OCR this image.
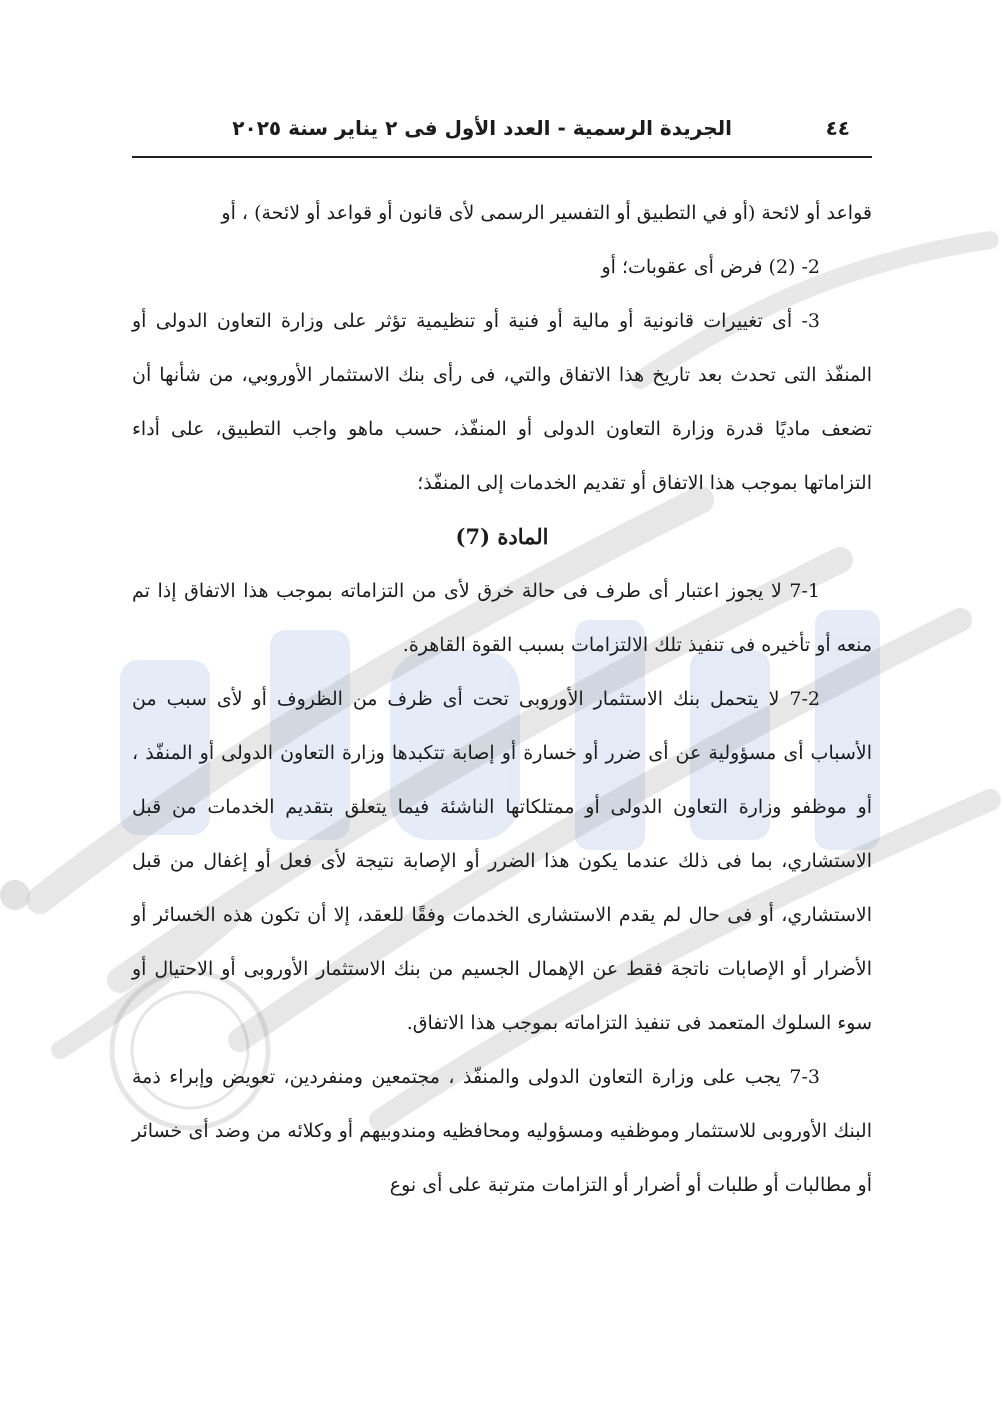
الجريدة الرسمية - العدد الأول فى ٢ يناير سنة ٢٠٢٥	٤٤

قواعد أو لائحة (أو في التطبيق أو التفسير الرسمى لأى قانون أو قواعد أو لائحة) ، أو

2- (2) فرض أى عقوبات؛ أو

3- أى تغييرات قانونية أو مالية أو فنية أو تنظيمية تؤثر على وزارة التعاون الدولى أو المنفّذ التى تحدث بعد تاريخ هذا الاتفاق والتي، فى رأى بنك الاستثمار الأوروبي، من شأنها أن تضعف ماديًا قدرة وزارة التعاون الدولى أو المنفّذ، حسب ماهو واجب التطبيق، على أداء التزاماتها بموجب هذا الاتفاق أو تقديم الخدمات إلى المنفّذ؛

المادة (7)

7-1 لا يجوز اعتبار أى طرف فى حالة خرق لأى من التزاماته بموجب هذا الاتفاق إذا تم منعه أو تأخيره فى تنفيذ تلك الالتزامات بسبب القوة القاهرة.

7-2 لا يتحمل بنك الاستثمار الأوروبى تحت أى ظرف من الظروف أو لأى سبب من الأسباب أى مسؤولية عن أى ضرر أو خسارة أو إصابة تتكبدها وزارة التعاون الدولى أو المنفّذ ، أو موظفو وزارة التعاون الدولى أو ممتلكاتها الناشئة فيما يتعلق بتقديم الخدمات من قبل الاستشاري، بما فى ذلك عندما يكون هذا الضرر أو الإصابة نتيجة لأى فعل أو إغفال من قبل الاستشاري، أو فى حال لم يقدم الاستشارى الخدمات وفقًا للعقد، إلا أن تكون هذه الخسائر أو الأضرار أو الإصابات ناتجة فقط عن الإهمال الجسيم من بنك الاستثمار الأوروبى أو الاحتيال أو سوء السلوك المتعمد فى تنفيذ التزاماته بموجب هذا الاتفاق.

7-3 يجب على وزارة التعاون الدولى والمنفّذ ، مجتمعين ومنفردين، تعويض وإبراء ذمة البنك الأوروبى للاستثمار وموظفيه ومسؤوليه ومحافظيه ومندوبيهم أو وكلائه من وضد أى خسائر أو مطالبات أو طلبات أو أضرار أو التزامات مترتبة على أى نوع
